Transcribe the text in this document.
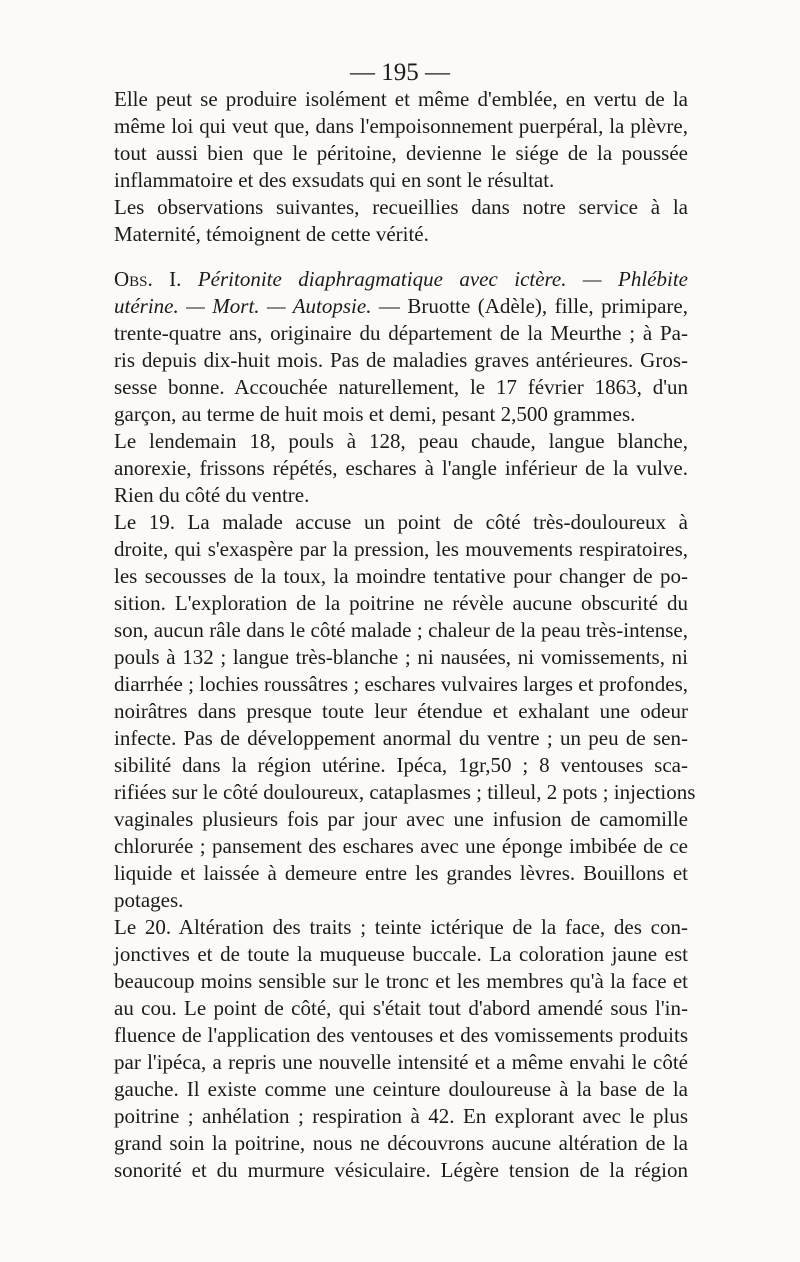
— 195 —
Elle peut se produire isolément et même d'emblée, en vertu de la
même loi qui veut que, dans l'empoisonnement puerpéral, la plèvre,
tout aussi bien que le péritoine, devienne le siége de la poussée
inflammatoire et des exsudats qui en sont le résultat.
Les observations suivantes, recueillies dans notre service à la
Maternité, témoignent de cette vérité.
Obs. I. Péritonite diaphragmatique avec ictère. — Phlébite
utérine. — Mort. — Autopsie. — Bruotte (Adèle), fille, primipare,
trente-quatre ans, originaire du département de la Meurthe ; à Pa-
ris depuis dix-huit mois. Pas de maladies graves antérieures. Gros-
sesse bonne. Accouchée naturellement, le 17 février 1863, d'un
garçon, au terme de huit mois et demi, pesant 2,500 grammes.
Le lendemain 18, pouls à 128, peau chaude, langue blanche,
anorexie, frissons répétés, eschares à l'angle inférieur de la vulve.
Rien du côté du ventre.
Le 19. La malade accuse un point de côté très-douloureux à
droite, qui s'exaspère par la pression, les mouvements respiratoires,
les secousses de la toux, la moindre tentative pour changer de po-
sition. L'exploration de la poitrine ne révèle aucune obscurité du
son, aucun râle dans le côté malade ; chaleur de la peau très-intense,
pouls à 132 ; langue très-blanche ; ni nausées, ni vomissements, ni
diarrhée ; lochies roussâtres ; eschares vulvaires larges et profondes,
noirâtres dans presque toute leur étendue et exhalant une odeur
infecte. Pas de développement anormal du ventre ; un peu de sen-
sibilité dans la région utérine. Ipéca, 1gr,50 ; 8 ventouses sca-
rifiées sur le côté douloureux, cataplasmes ; tilleul, 2 pots ; injections
vaginales plusieurs fois par jour avec une infusion de camomille
chlorurée ; pansement des eschares avec une éponge imbibée de ce
liquide et laissée à demeure entre les grandes lèvres. Bouillons et
potages.
Le 20. Altération des traits ; teinte ictérique de la face, des con-
jonctives et de toute la muqueuse buccale. La coloration jaune est
beaucoup moins sensible sur le tronc et les membres qu'à la face et
au cou. Le point de côté, qui s'était tout d'abord amendé sous l'in-
fluence de l'application des ventouses et des vomissements produits
par l'ipéca, a repris une nouvelle intensité et a même envahi le côté
gauche. Il existe comme une ceinture douloureuse à la base de la
poitrine ; anhélation ; respiration à 42. En explorant avec le plus
grand soin la poitrine, nous ne découvrons aucune altération de la
sonorité et du murmure vésiculaire. Légère tension de la région
